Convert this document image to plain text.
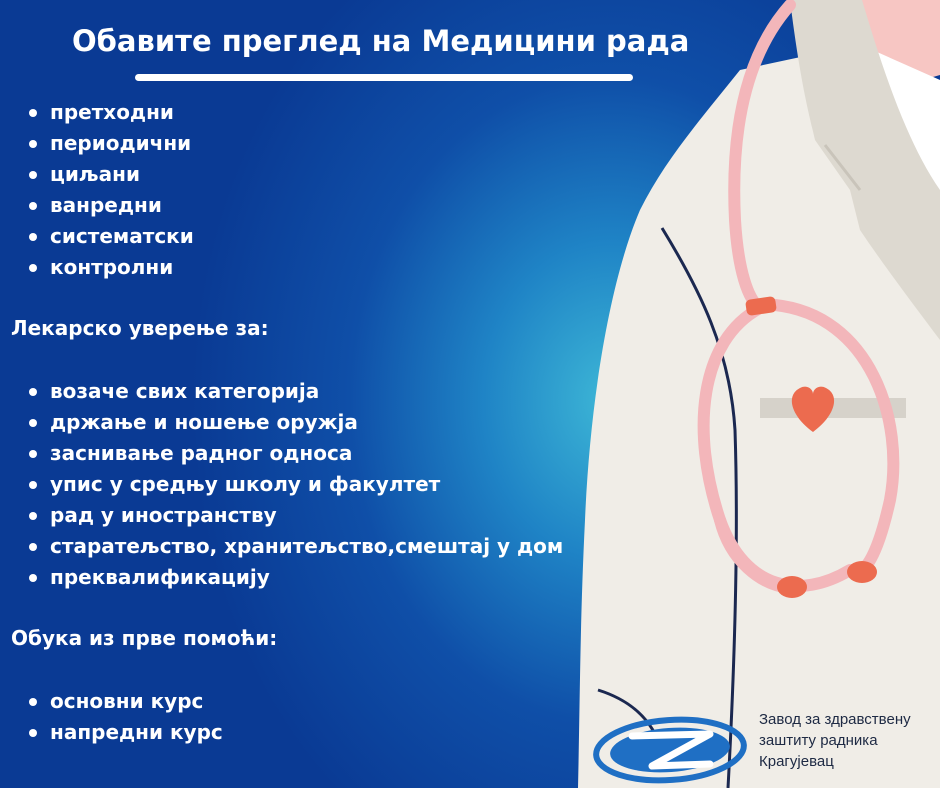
Обавите преглед на Медицини рада
претходни
периодични
циљани
ванредни
систематски
контролни
Лекарско уверење за:
возаче свих категорија
држање и ношење оружја
заснивање радног односа
упис у средњу школу и факултет
рад у иностранству
старатељство, хранитељство,смештај у дом
преквалификацију
Обука из прве помоћи:
основни курс
напредни курс
Завод за здравствену
заштиту радника
Крагујевац
